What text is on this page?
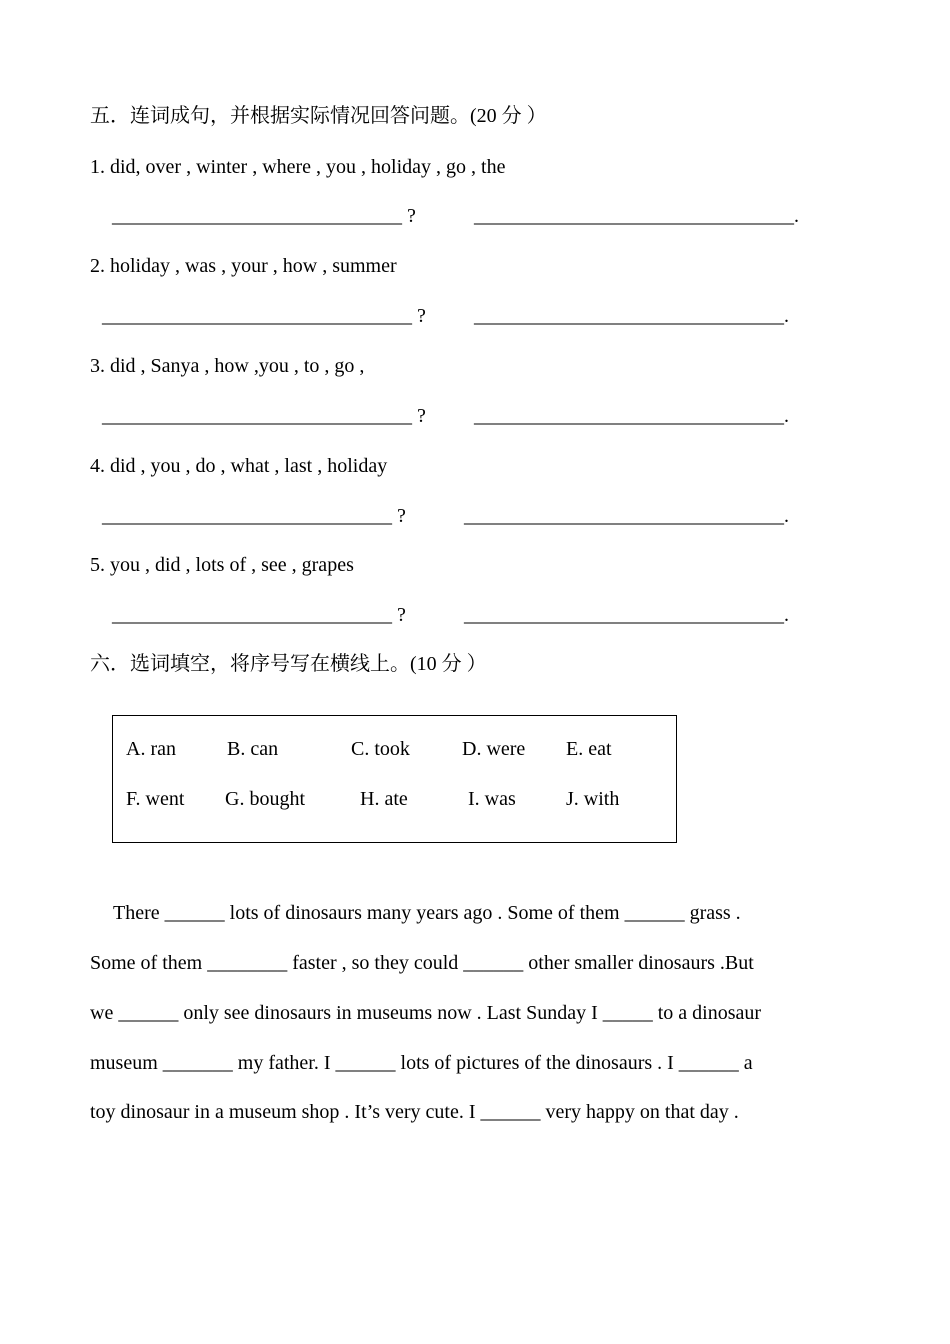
五．连词成句，并根据实际情况回答问题。(20 分 ）
1. did, over , winter , where , you , holiday , go , the
_____________________________ ?	________________________________.
2. holiday , was , your , how , summer
_______________________________ ? _______________________________.
3. did , Sanya , how ,you , to , go ,
_______________________________ ? _______________________________.
4. did , you , do , what , last , holiday
_____________________________ ?	________________________________.
5. you , did , lots of , see , grapes
____________________________ ?	________________________________.
六．选词填空，将序号写在横线上。(10 分 ）
A. ran	B. can	C. took	D. were E. eat
F. went G. bought	H. ate	I. was	J. with
There ______ lots of dinosaurs many years ago . Some of them ______ grass .
Some of them ________ faster , so they could ______ other smaller dinosaurs .But
we ______ only see dinosaurs in museums now . Last Sunday I _____ to a dinosaur
museum _______ my father. I ______ lots of pictures of the dinosaurs . I ______ a
toy dinosaur in a museum shop . It’s very cute. I ______ very happy on that day .
